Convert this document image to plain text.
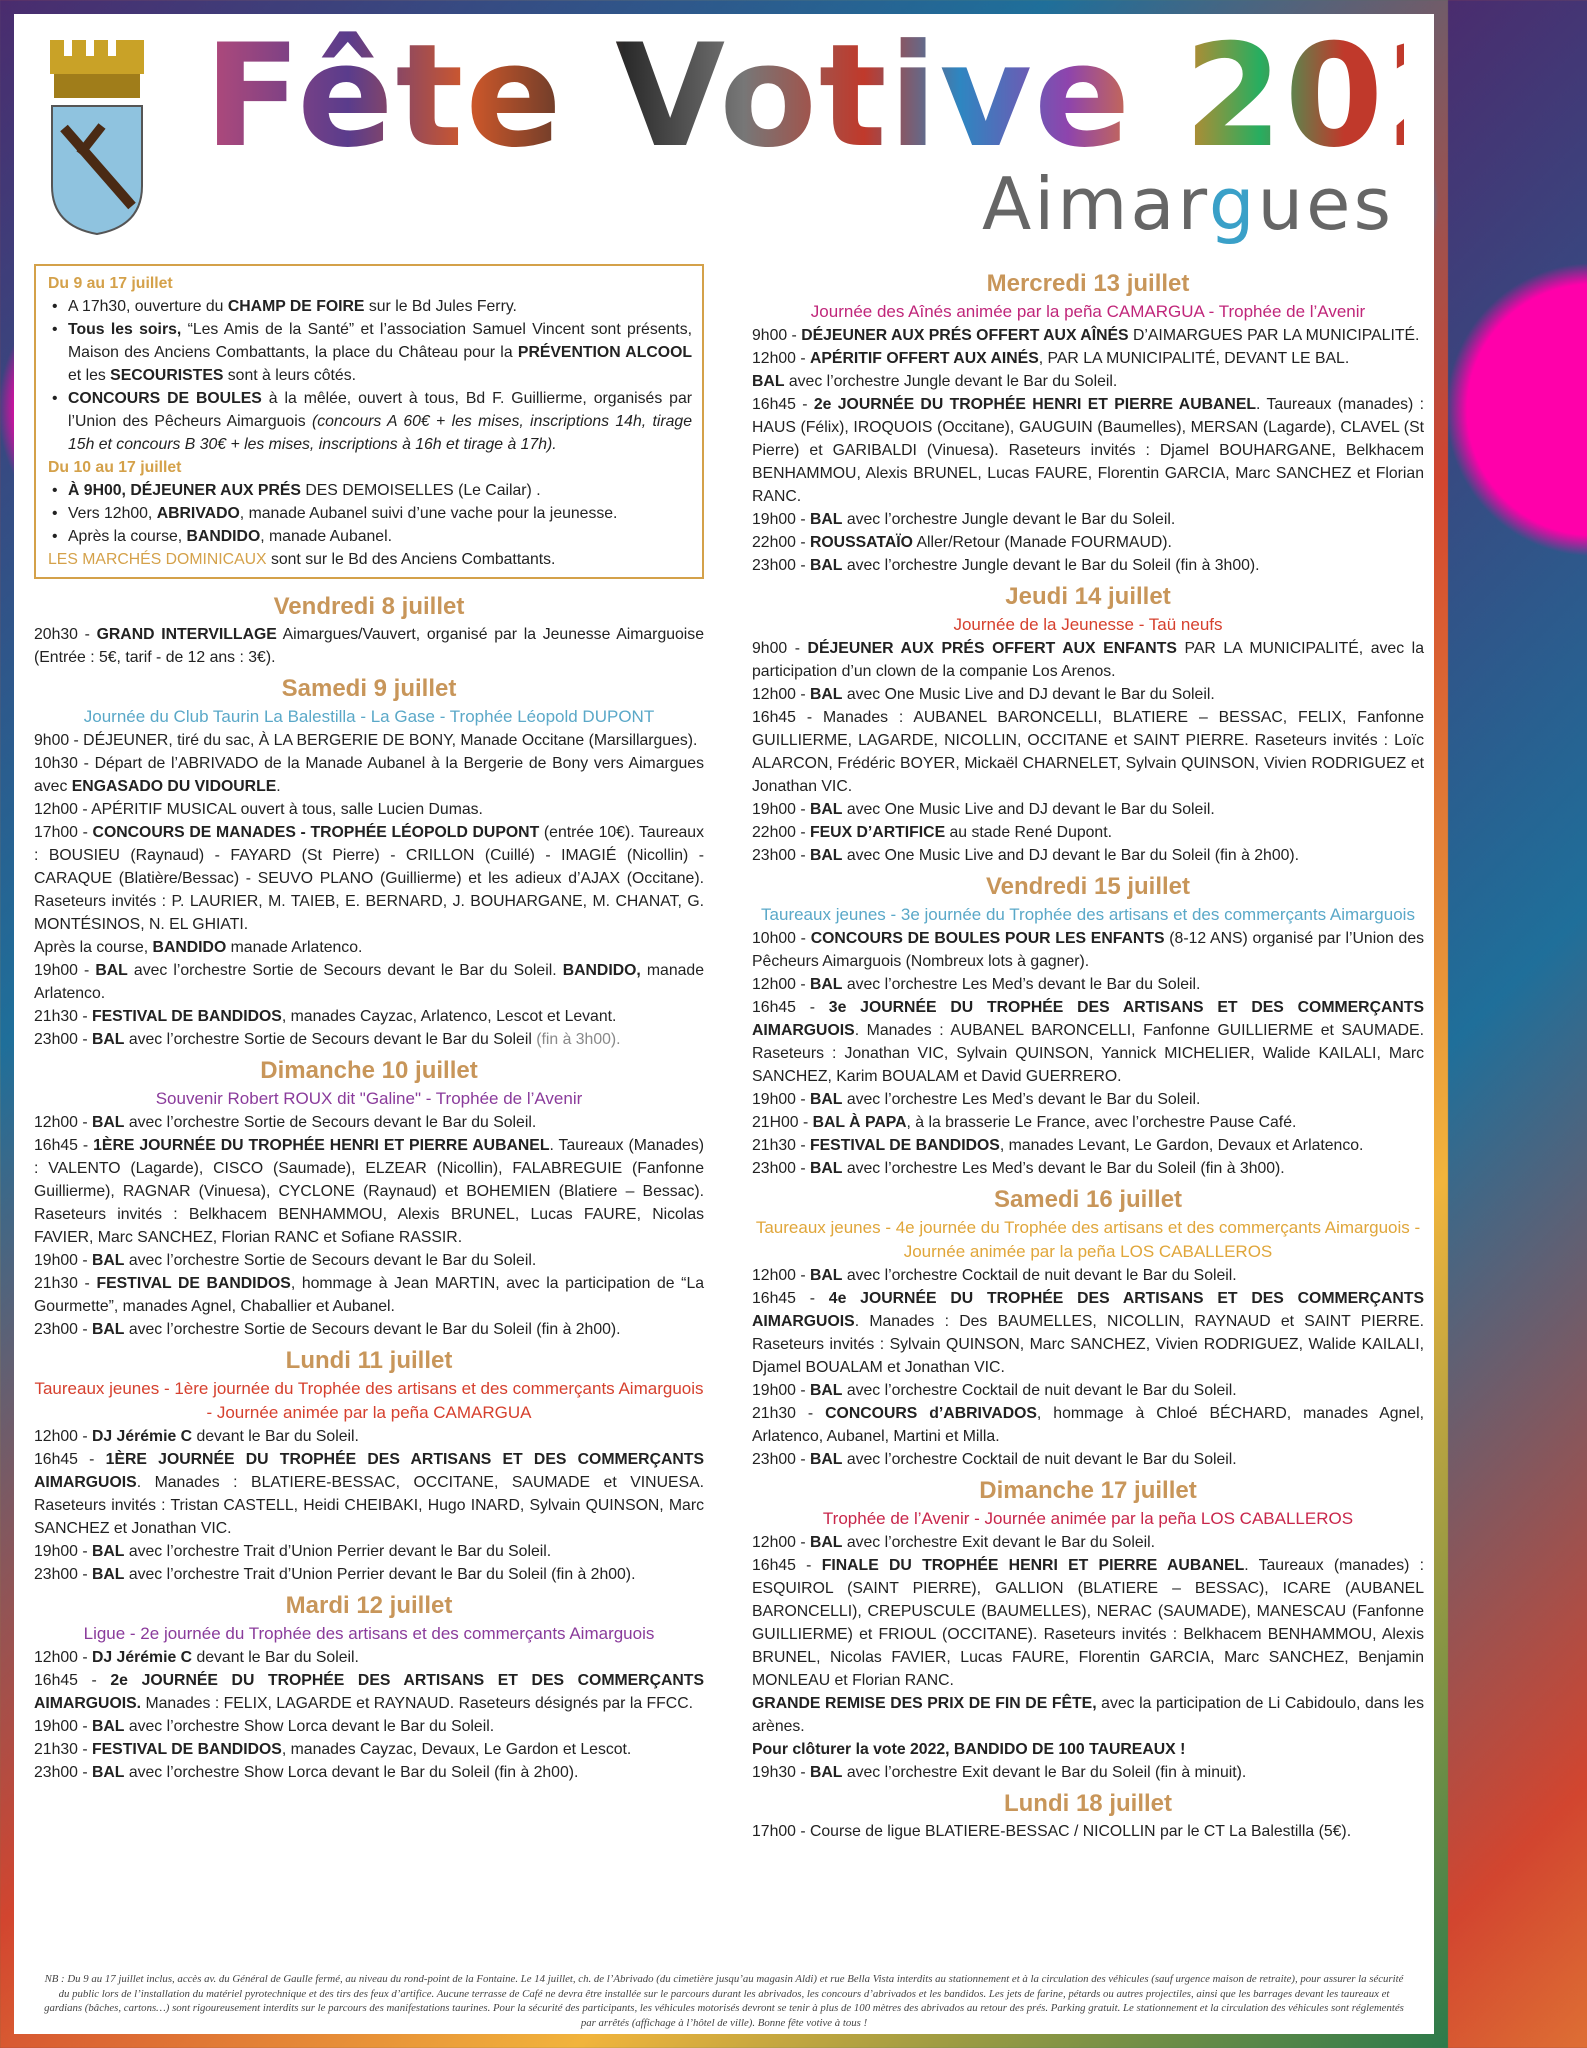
Fête Votive 2022
Aimargues
Du 9 au 17 juillet
• A 17h30, ouverture du CHAMP DE FOIRE sur le Bd Jules Ferry.
• Tous les soirs, “Les Amis de la Santé” et l’association Samuel Vincent sont présents, Maison des Anciens Combattants, la place du Château pour la PRÉVENTION ALCOOL et les SECOURISTES sont à leurs côtés.
• CONCOURS DE BOULES à la mêlée, ouvert à tous, Bd F. Guillierme, organisés par l’Union des Pêcheurs Aimarguois (concours A 60€ + les mises, inscriptions 14h, tirage 15h et concours B 30€ + les mises, inscriptions à 16h et tirage à 17h).
Du 10 au 17 juillet
• À 9H00, DÉJEUNER AUX PRÉS DES DEMOISELLES (Le Cailar) .
• Vers 12h00, ABRIVADO, manade Aubanel suivi d’une vache pour la jeunesse.
• Après la course, BANDIDO, manade Aubanel.

LES MARCHÉS DOMINICAUX sont sur le Bd des Anciens Combattants.

Vendredi 8 juillet

20h30 - GRAND INTERVILLAGE Aimargues/Vauvert, organisé par la Jeunesse Aimarguoise (Entrée : 5€, tarif - de 12 ans : 3€).

Samedi 9 juillet
Journée du Club Taurin La Balestilla - La Gase - Trophée Léopold DUPONT

9h00 - DÉJEUNER, tiré du sac, À LA BERGERIE DE BONY, Manade Occitane (Marsillargues).

10h30 - Départ de l’ABRIVADO de la Manade Aubanel à la Bergerie de Bony vers Aimargues avec ENGASADO DU VIDOURLE.

12h00 - APÉRITIF MUSICAL ouvert à tous, salle Lucien Dumas.

17h00 - CONCOURS DE MANADES - TROPHÉE LÉOPOLD DUPONT (entrée 10€). Taureaux : BOUSIEU (Raynaud) - FAYARD (St Pierre) - CRILLON (Cuillé) - IMAGIÉ (Nicollin) - CARAQUE (Blatière/Bessac) - SEUVO PLANO (Guillierme) et les adieux d’AJAX (Occitane). Raseteurs invités : P. LAURIER, M. TAIEB, E. BERNARD, J. BOUHARGANE, M. CHANAT, G. MONTÉSINOS, N. EL GHIATI.

Après la course, BANDIDO manade Arlatenco.

19h00 - BAL avec l’orchestre Sortie de Secours devant le Bar du Soleil. BANDIDO, manade Arlatenco.

21h30 - FESTIVAL DE BANDIDOS, manades Cayzac, Arlatenco, Lescot et Levant.

23h00 - BAL avec l’orchestre Sortie de Secours devant le Bar du Soleil (fin à 3h00).

Dimanche 10 juillet
Souvenir Robert ROUX dit "Galine" - Trophée de l’Avenir

12h00 - BAL avec l’orchestre Sortie de Secours devant le Bar du Soleil.

16h45 - 1ÈRE JOURNÉE DU TROPHÉE HENRI ET PIERRE AUBANEL. Taureaux (Manades) : VALENTO (Lagarde), CISCO (Saumade), ELZEAR (Nicollin), FALABREGUIE (Fanfonne Guillierme), RAGNAR (Vinuesa), CYCLONE (Raynaud) et BOHEMIEN (Blatiere – Bessac). Raseteurs invités : Belkhacem BENHAMMOU, Alexis BRUNEL, Lucas FAURE, Nicolas FAVIER, Marc SANCHEZ, Florian RANC et Sofiane RASSIR.

19h00 - BAL avec l’orchestre Sortie de Secours devant le Bar du Soleil.

21h30 - FESTIVAL DE BANDIDOS, hommage à Jean MARTIN, avec la participation de “La Gourmette”, manades Agnel, Chaballier et Aubanel.

23h00 - BAL avec l’orchestre Sortie de Secours devant le Bar du Soleil (fin à 2h00).

Lundi 11 juillet
Taureaux jeunes - 1ère journée du Trophée des artisans et des commerçants Aimarguois - Journée animée par la peña CAMARGUA

12h00 - DJ Jérémie C devant le Bar du Soleil.

16h45 - 1ÈRE JOURNÉE DU TROPHÉE DES ARTISANS ET DES COMMERÇANTS AIMARGUOIS. Manades : BLATIERE-BESSAC, OCCITANE, SAUMADE et VINUESA. Raseteurs invités : Tristan CASTELL, Heidi CHEIBAKI, Hugo INARD, Sylvain QUINSON, Marc SANCHEZ et Jonathan VIC.

19h00 - BAL avec l’orchestre Trait d’Union Perrier devant le Bar du Soleil.

23h00 - BAL avec l’orchestre Trait d’Union Perrier devant le Bar du Soleil (fin à 2h00).

Mardi 12 juillet
Ligue - 2e journée du Trophée des artisans et des commerçants Aimarguois

12h00 - DJ Jérémie C devant le Bar du Soleil.

16h45 - 2e JOURNÉE DU TROPHÉE DES ARTISANS ET DES COMMERÇANTS AIMARGUOIS. Manades : FELIX, LAGARDE et RAYNAUD. Raseteurs désignés par la FFCC.

19h00 - BAL avec l’orchestre Show Lorca devant le Bar du Soleil.

21h30 - FESTIVAL DE BANDIDOS, manades Cayzac, Devaux, Le Gardon et Lescot.

23h00 - BAL avec l’orchestre Show Lorca devant le Bar du Soleil (fin à 2h00).

Mercredi 13 juillet
Journée des Aînés animée par la peña CAMARGUA - Trophée de l’Avenir

9h00 - DÉJEUNER AUX PRÉS OFFERT AUX AÎNÉS D’AIMARGUES PAR LA MUNICIPALITÉ.

12h00 - APÉRITIF OFFERT AUX AINÉS, PAR LA MUNICIPALITÉ, DEVANT LE BAL.

BAL avec l’orchestre Jungle devant le Bar du Soleil.

16h45 - 2e JOURNÉE DU TROPHÉE HENRI ET PIERRE AUBANEL. Taureaux (manades) : HAUS (Félix), IROQUOIS (Occitane), GAUGUIN (Baumelles), MERSAN (Lagarde), CLAVEL (St Pierre) et GARIBALDI (Vinuesa). Raseteurs invités : Djamel BOUHARGANE, Belkhacem BENHAMMOU, Alexis BRUNEL, Lucas FAURE, Florentin GARCIA, Marc SANCHEZ et Florian RANC.

19h00 - BAL avec l’orchestre Jungle devant le Bar du Soleil.

22h00 - ROUSSATAÏO Aller/Retour (Manade FOURMAUD).

23h00 - BAL avec l’orchestre Jungle devant le Bar du Soleil (fin à 3h00).

Jeudi 14 juillet
Journée de la Jeunesse - Taü neufs

9h00 - DÉJEUNER AUX PRÉS OFFERT AUX ENFANTS PAR LA MUNICIPALITÉ, avec la participation d’un clown de la companie Los Arenos.

12h00 - BAL avec One Music Live and DJ devant le Bar du Soleil.

16h45 - Manades : AUBANEL BARONCELLI, BLATIERE – BESSAC, FELIX, Fanfonne GUILLIERME, LAGARDE, NICOLLIN, OCCITANE et SAINT PIERRE. Raseteurs invités : Loïc ALARCON, Frédéric BOYER, Mickaël CHARNELET, Sylvain QUINSON, Vivien RODRIGUEZ et Jonathan VIC.

19h00 - BAL avec One Music Live and DJ devant le Bar du Soleil.

22h00 - FEUX D’ARTIFICE au stade René Dupont.

23h00 - BAL avec One Music Live and DJ devant le Bar du Soleil (fin à 2h00).

Vendredi 15 juillet
Taureaux jeunes - 3e journée du Trophée des artisans et des commerçants Aimarguois

10h00 - CONCOURS DE BOULES POUR LES ENFANTS (8-12 ANS) organisé par l’Union des Pêcheurs Aimarguois (Nombreux lots à gagner).

12h00 - BAL avec l’orchestre Les Med’s devant le Bar du Soleil.

16h45 - 3e JOURNÉE DU TROPHÉE DES ARTISANS ET DES COMMERÇANTS AIMARGUOIS. Manades : AUBANEL BARONCELLI, Fanfonne GUILLIERME et SAUMADE. Raseteurs : Jonathan VIC, Sylvain QUINSON, Yannick MICHELIER, Walide KAILALI, Marc SANCHEZ, Karim BOUALAM et David GUERRERO.

19h00 - BAL avec l’orchestre Les Med’s devant le Bar du Soleil.

21H00 - BAL À PAPA, à la brasserie Le France, avec l’orchestre Pause Café.

21h30 - FESTIVAL DE BANDIDOS, manades Levant, Le Gardon, Devaux et Arlatenco.

23h00 - BAL avec l’orchestre Les Med’s devant le Bar du Soleil (fin à 3h00).

Samedi 16 juillet
Taureaux jeunes - 4e journée du Trophée des artisans et des commerçants Aimarguois - Journée animée par la peña LOS CABALLEROS

12h00 - BAL avec l’orchestre Cocktail de nuit devant le Bar du Soleil.

16h45 - 4e JOURNÉE DU TROPHÉE DES ARTISANS ET DES COMMERÇANTS AIMARGUOIS. Manades : Des BAUMELLES, NICOLLIN, RAYNAUD et SAINT PIERRE. Raseteurs invités : Sylvain QUINSON, Marc SANCHEZ, Vivien RODRIGUEZ, Walide KAILALI, Djamel BOUALAM et Jonathan VIC.

19h00 - BAL avec l’orchestre Cocktail de nuit devant le Bar du Soleil.

21h30 - CONCOURS d’ABRIVADOS, hommage à Chloé BÉCHARD, manades Agnel, Arlatenco, Aubanel, Martini et Milla.

23h00 - BAL avec l’orchestre Cocktail de nuit devant le Bar du Soleil.

Dimanche 17 juillet
Trophée de l’Avenir - Journée animée par la peña LOS CABALLEROS

12h00 - BAL avec l’orchestre Exit devant le Bar du Soleil.

16h45 - FINALE DU TROPHÉE HENRI ET PIERRE AUBANEL. Taureaux (manades) : ESQUIROL (SAINT PIERRE), GALLION (BLATIERE – BESSAC), ICARE (AUBANEL BARONCELLI), CREPUSCULE (BAUMELLES), NERAC (SAUMADE), MANESCAU (Fanfonne GUILLIERME) et FRIOUL (OCCITANE). Raseteurs invités : Belkhacem BENHAMMOU, Alexis BRUNEL, Nicolas FAVIER, Lucas FAURE, Florentin GARCIA, Marc SANCHEZ, Benjamin MONLEAU et Florian RANC.

GRANDE REMISE DES PRIX DE FIN DE FÊTE, avec la participation de Li Cabidoulo, dans les arènes.

Pour clôturer la vote 2022, BANDIDO DE 100 TAUREAUX !

19h30 - BAL avec l’orchestre Exit devant le Bar du Soleil (fin à minuit).

Lundi 18 juillet

17h00 - Course de ligue BLATIERE-BESSAC / NICOLLIN par le CT La Balestilla (5€).

NB : Du 9 au 17 juillet inclus, accès av. du Général de Gaulle fermé, au niveau du rond-point de la Fontaine. Le 14 juillet, ch. de l’Abrivado (du cimetière jusqu’au magasin Aldi) et rue Bella Vista interdits au stationnement et à la circulation des véhicules (sauf urgence maison de retraite), pour assurer la sécurité du public lors de l’installation du matériel pyrotechnique et des tirs des feux d’artifice. Aucune terrasse de Café ne devra être installée sur le parcours durant les abrivados, les concours d’abrivados et les bandidos. Les jets de farine, pétards ou autres projectiles, ainsi que les barrages devant les taureaux et gardians (bâches, cartons…) sont rigoureusement interdits sur le parcours des manifestations taurines. Pour la sécurité des participants, les véhicules motorisés devront se tenir à plus de 100 mètres des abrivados au retour des prés. Parking gratuit. Le stationnement et la circulation des véhicules sont réglementés par arrêtés (affichage à l’hôtel de ville). Bonne fête votive à tous !
